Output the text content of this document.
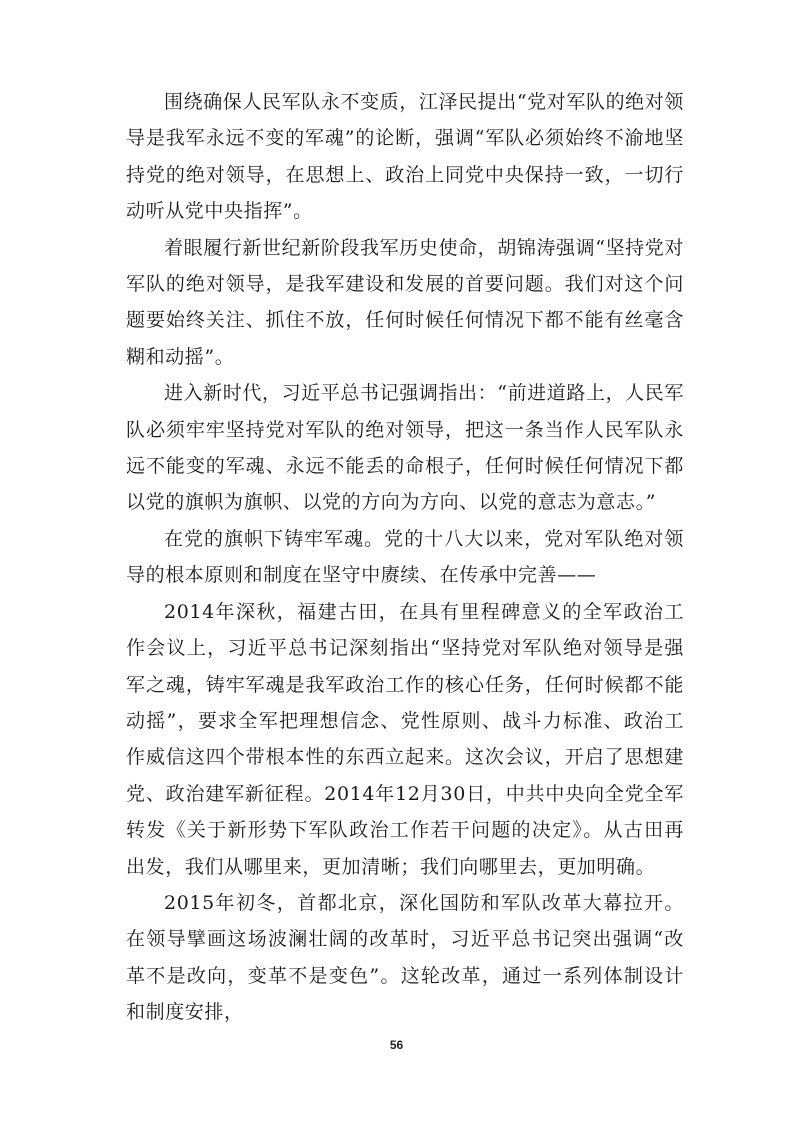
围绕确保人民军队永不变质，江泽民提出“党对军队的绝对领导是我军永远不变的军魂”的论断，强调“军队必须始终不渝地坚持党的绝对领导，在思想上、政治上同党中央保持一致，一切行动听从党中央指挥”。

着眼履行新世纪新阶段我军历史使命，胡锦涛强调“坚持党对军队的绝对领导，是我军建设和发展的首要问题。我们对这个问题要始终关注、抓住不放，任何时候任何情况下都不能有丝毫含糊和动摇”。

进入新时代，习近平总书记强调指出：“前进道路上，人民军队必须牢牢坚持党对军队的绝对领导，把这一条当作人民军队永远不能变的军魂、永远不能丢的命根子，任何时候任何情况下都以党的旗帜为旗帜、以党的方向为方向、以党的意志为意志。”

在党的旗帜下铸牢军魂。党的十八大以来，党对军队绝对领导的根本原则和制度在坚守中赓续、在传承中完善——

2014年深秋，福建古田，在具有里程碑意义的全军政治工作会议上，习近平总书记深刻指出“坚持党对军队绝对领导是强军之魂，铸牢军魂是我军政治工作的核心任务，任何时候都不能动摇”，要求全军把理想信念、党性原则、战斗力标准、政治工作威信这四个带根本性的东西立起来。这次会议，开启了思想建党、政治建军新征程。2014年12月30日，中共中央向全党全军转发《关于新形势下军队政治工作若干问题的决定》。从古田再出发，我们从哪里来，更加清晰；我们向哪里去，更加明确。

2015年初冬，首都北京，深化国防和军队改革大幕拉开。在领导擘画这场波澜壮阔的改革时，习近平总书记突出强调“改革不是改向，变革不是变色”。这轮改革，通过一系列体制设计和制度安排，

56
